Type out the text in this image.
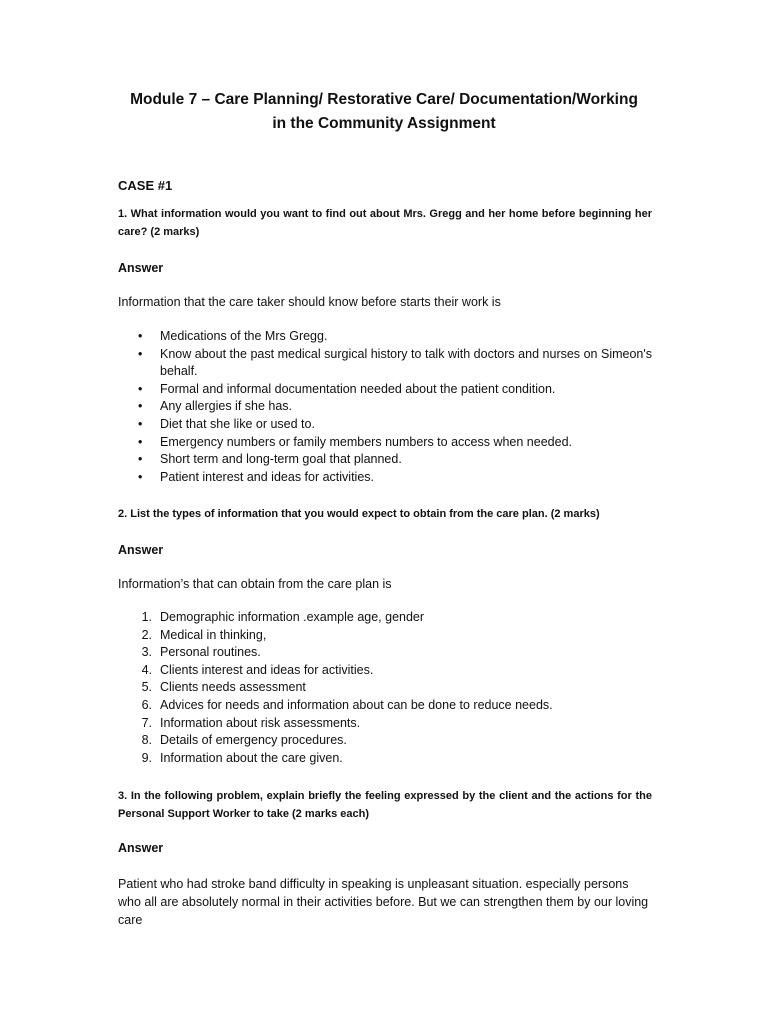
Module 7 – Care Planning/ Restorative Care/ Documentation/Working
in the Community Assignment
CASE #1
1. What information would you want to find out about Mrs. Gregg and her home before beginning her care? (2 marks)
Answer
Information that the care taker should know before starts their work is
•	Medications of the Mrs Gregg.
•	Know about the past medical surgical history to talk with doctors and nurses on Simeon's behalf.
•	Formal and informal documentation needed about the patient condition.
•	Any allergies if she has.
•	Diet that she like or used to.
•	Emergency numbers or family members numbers to access when needed.
•	Short term and long-term goal that planned.
•	Patient interest and ideas for activities.
2. List the types of information that you would expect to obtain from the care plan. (2 marks)
Answer
Information’s that can obtain from the care plan is
1. Demographic information .example age, gender
2. Medical in thinking,
3. Personal routines.
4. Clients interest and ideas for activities.
5. Clients needs assessment
6. Advices for needs and information about can be done to reduce needs.
7. Information about risk assessments.
8. Details of emergency procedures.
9. Information about the care given.
3. In the following problem, explain briefly the feeling expressed by the client and the actions for the Personal Support Worker to take (2 marks each)
Answer
Patient who had stroke band difficulty in speaking is unpleasant situation. especially persons who all are absolutely normal in their activities before. But we can strengthen them by our loving care
